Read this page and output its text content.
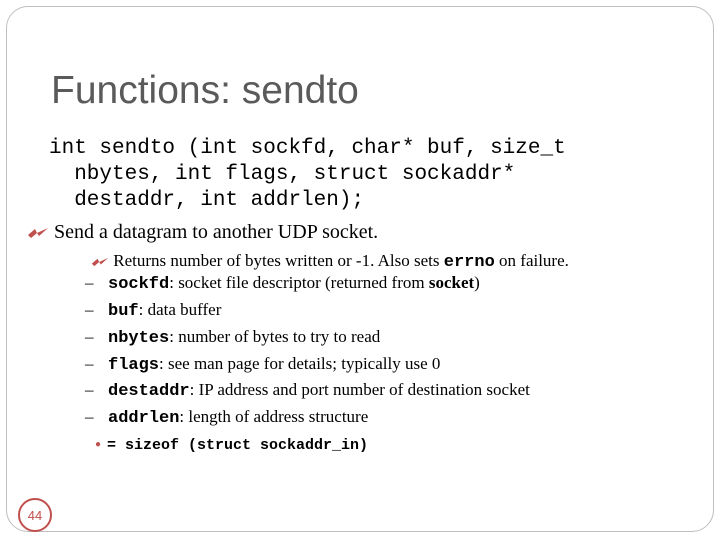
Functions: sendto
int sendto (int sockfd, char* buf, size_t
nbytes, int flags, struct sockaddr*
destaddr, int addrlen);
Send a datagram to another UDP socket.
Returns number of bytes written or -1. Also sets errno on failure.
– sockfd: socket file descriptor (returned from socket)
– buf: data buffer
– nbytes: number of bytes to try to read
– flags: see man page for details; typically use 0
– destaddr: IP address and port number of destination socket
– addrlen: length of address structure
● = sizeof (struct sockaddr_in)
44
